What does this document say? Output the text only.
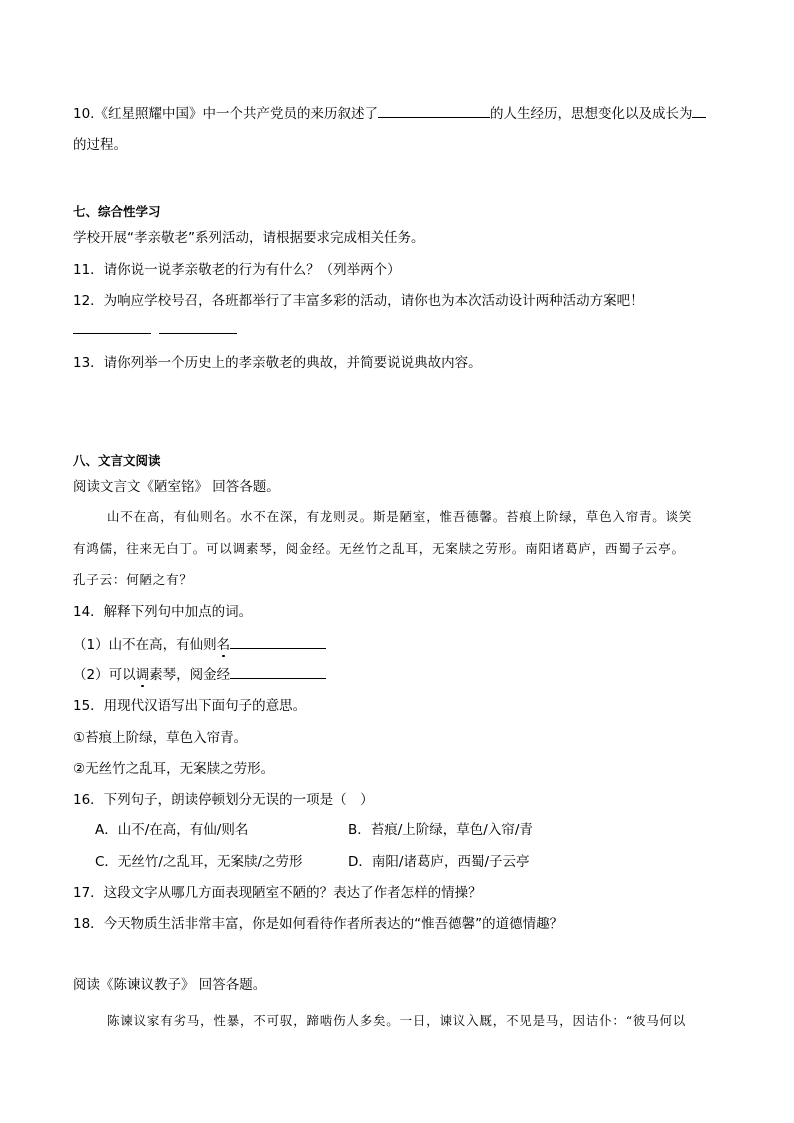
10.《红星照耀中国》中一个共产党员的来历叙述了	的人生经历，思想变化以及成长为
的过程。
七、综合性学习
学校开展“孝亲敬老”系列活动，请根据要求完成相关任务。
11．请你说一说孝亲敬老的行为有什么？（列举两个）
12．为响应学校号召，各班都举行了丰富多彩的活动，请你也为本次活动设计两种活动方案吧！

13．请你列举一个历史上的孝亲敬老的典故，并简要说说典故内容。
八、文言文阅读
阅读文言文《陋室铭》 回答各题。
山不在高，有仙则名。水不在深，有龙则灵。斯是陋室，惟吾德馨。苔痕上阶绿，草色入帘青。谈笑
有鸿儒，往来无白丁。可以调素琴，阅金经。无丝竹之乱耳，无案牍之劳形。南阳诸葛庐，西蜀子云亭。
孔子云：何陋之有？
14．解释下列句中加点的词。
（1）山不在高，有仙则名
（2）可以调素琴，阅金经
15．用现代汉语写出下面句子的意思。
①苔痕上阶绿，草色入帘青。
②无丝竹之乱耳，无案牍之劳形。
16．下列句子，朗读停顿划分无误的一项是（　）
A．山不/在高，有仙/则名	B．苔痕/上阶绿，草色/入帘/青
C．无丝竹/之乱耳，无案牍/之劳形	D．南阳/诸葛庐，西蜀/子云亭
17．这段文字从哪几方面表现陋室不陋的？表达了作者怎样的情操？
18．今天物质生活非常丰富，你是如何看待作者所表达的“惟吾德馨”的道德情趣？
阅读《陈谏议教子》 回答各题。
陈谏议家有劣马，性暴，不可驭，蹄啮伤人多矣。一日，谏议入厩，不见是马，因诘仆：“彼马何以
